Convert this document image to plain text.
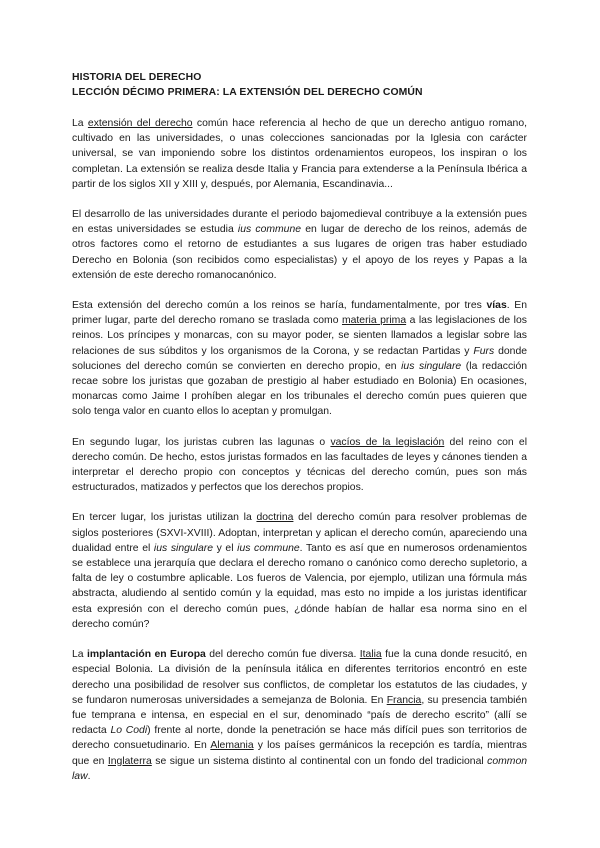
HISTORIA DEL DERECHO
LECCIÓN DÉCIMO PRIMERA: LA EXTENSIÓN DEL DERECHO COMÚN

La extensión del derecho común hace referencia al hecho de que un derecho antiguo romano, cultivado en las universidades, o unas colecciones sancionadas por la Iglesia con carácter universal, se van imponiendo sobre los distintos ordenamientos europeos, los inspiran o los completan. La extensión se realiza desde Italia y Francia para extenderse a la Península Ibérica a partir de los siglos XII y XIII y, después, por Alemania, Escandinavia...

El desarrollo de las universidades durante el periodo bajomedieval contribuye a la extensión pues en estas universidades se estudia ius commune en lugar de derecho de los reinos, además de otros factores como el retorno de estudiantes a sus lugares de origen tras haber estudiado Derecho en Bolonia (son recibidos como especialistas) y el apoyo de los reyes y Papas a la extensión de este derecho romanocanónico.

Esta extensión del derecho común a los reinos se haría, fundamentalmente, por tres vías. En primer lugar, parte del derecho romano se traslada como materia prima a las legislaciones de los reinos. Los príncipes y monarcas, con su mayor poder, se sienten llamados a legislar sobre las relaciones de sus súbditos y los organismos de la Corona, y se redactan Partidas y Furs donde soluciones del derecho común se convierten en derecho propio, en ius singulare (la redacción recae sobre los juristas que gozaban de prestigio al haber estudiado en Bolonia) En ocasiones, monarcas como Jaime I prohíben alegar en los tribunales el derecho común pues quieren que solo tenga valor en cuanto ellos lo aceptan y promulgan.

En segundo lugar, los juristas cubren las lagunas o vacíos de la legislación del reino con el derecho común. De hecho, estos juristas formados en las facultades de leyes y cánones tienden a interpretar el derecho propio con conceptos y técnicas del derecho común, pues son más estructurados, matizados y perfectos que los derechos propios.

En tercer lugar, los juristas utilizan la doctrina del derecho común para resolver problemas de siglos posteriores (SXVI-XVIII). Adoptan, interpretan y aplican el derecho común, apareciendo una dualidad entre el ius singulare y el ius commune. Tanto es así que en numerosos ordenamientos se establece una jerarquía que declara el derecho romano o canónico como derecho supletorio, a falta de ley o costumbre aplicable. Los fueros de Valencia, por ejemplo, utilizan una fórmula más abstracta, aludiendo al sentido común y la equidad, mas esto no impide a los juristas identificar esta expresión con el derecho común pues, ¿dónde habían de hallar esa norma sino en el derecho común?

La implantación en Europa del derecho común fue diversa. Italia fue la cuna donde resucitó, en especial Bolonia. La división de la península itálica en diferentes territorios encontró en este derecho una posibilidad de resolver sus conflictos, de completar los estatutos de las ciudades, y se fundaron numerosas universidades a semejanza de Bolonia. En Francia, su presencia también fue temprana e intensa, en especial en el sur, denominado “país de derecho escrito” (allí se redacta Lo Codi) frente al norte, donde la penetración se hace más difícil pues son territorios de derecho consuetudinario. En Alemania y los países germánicos la recepción es tardía, mientras que en Inglaterra se sigue un sistema distinto al continental con un fondo del tradicional common law.
